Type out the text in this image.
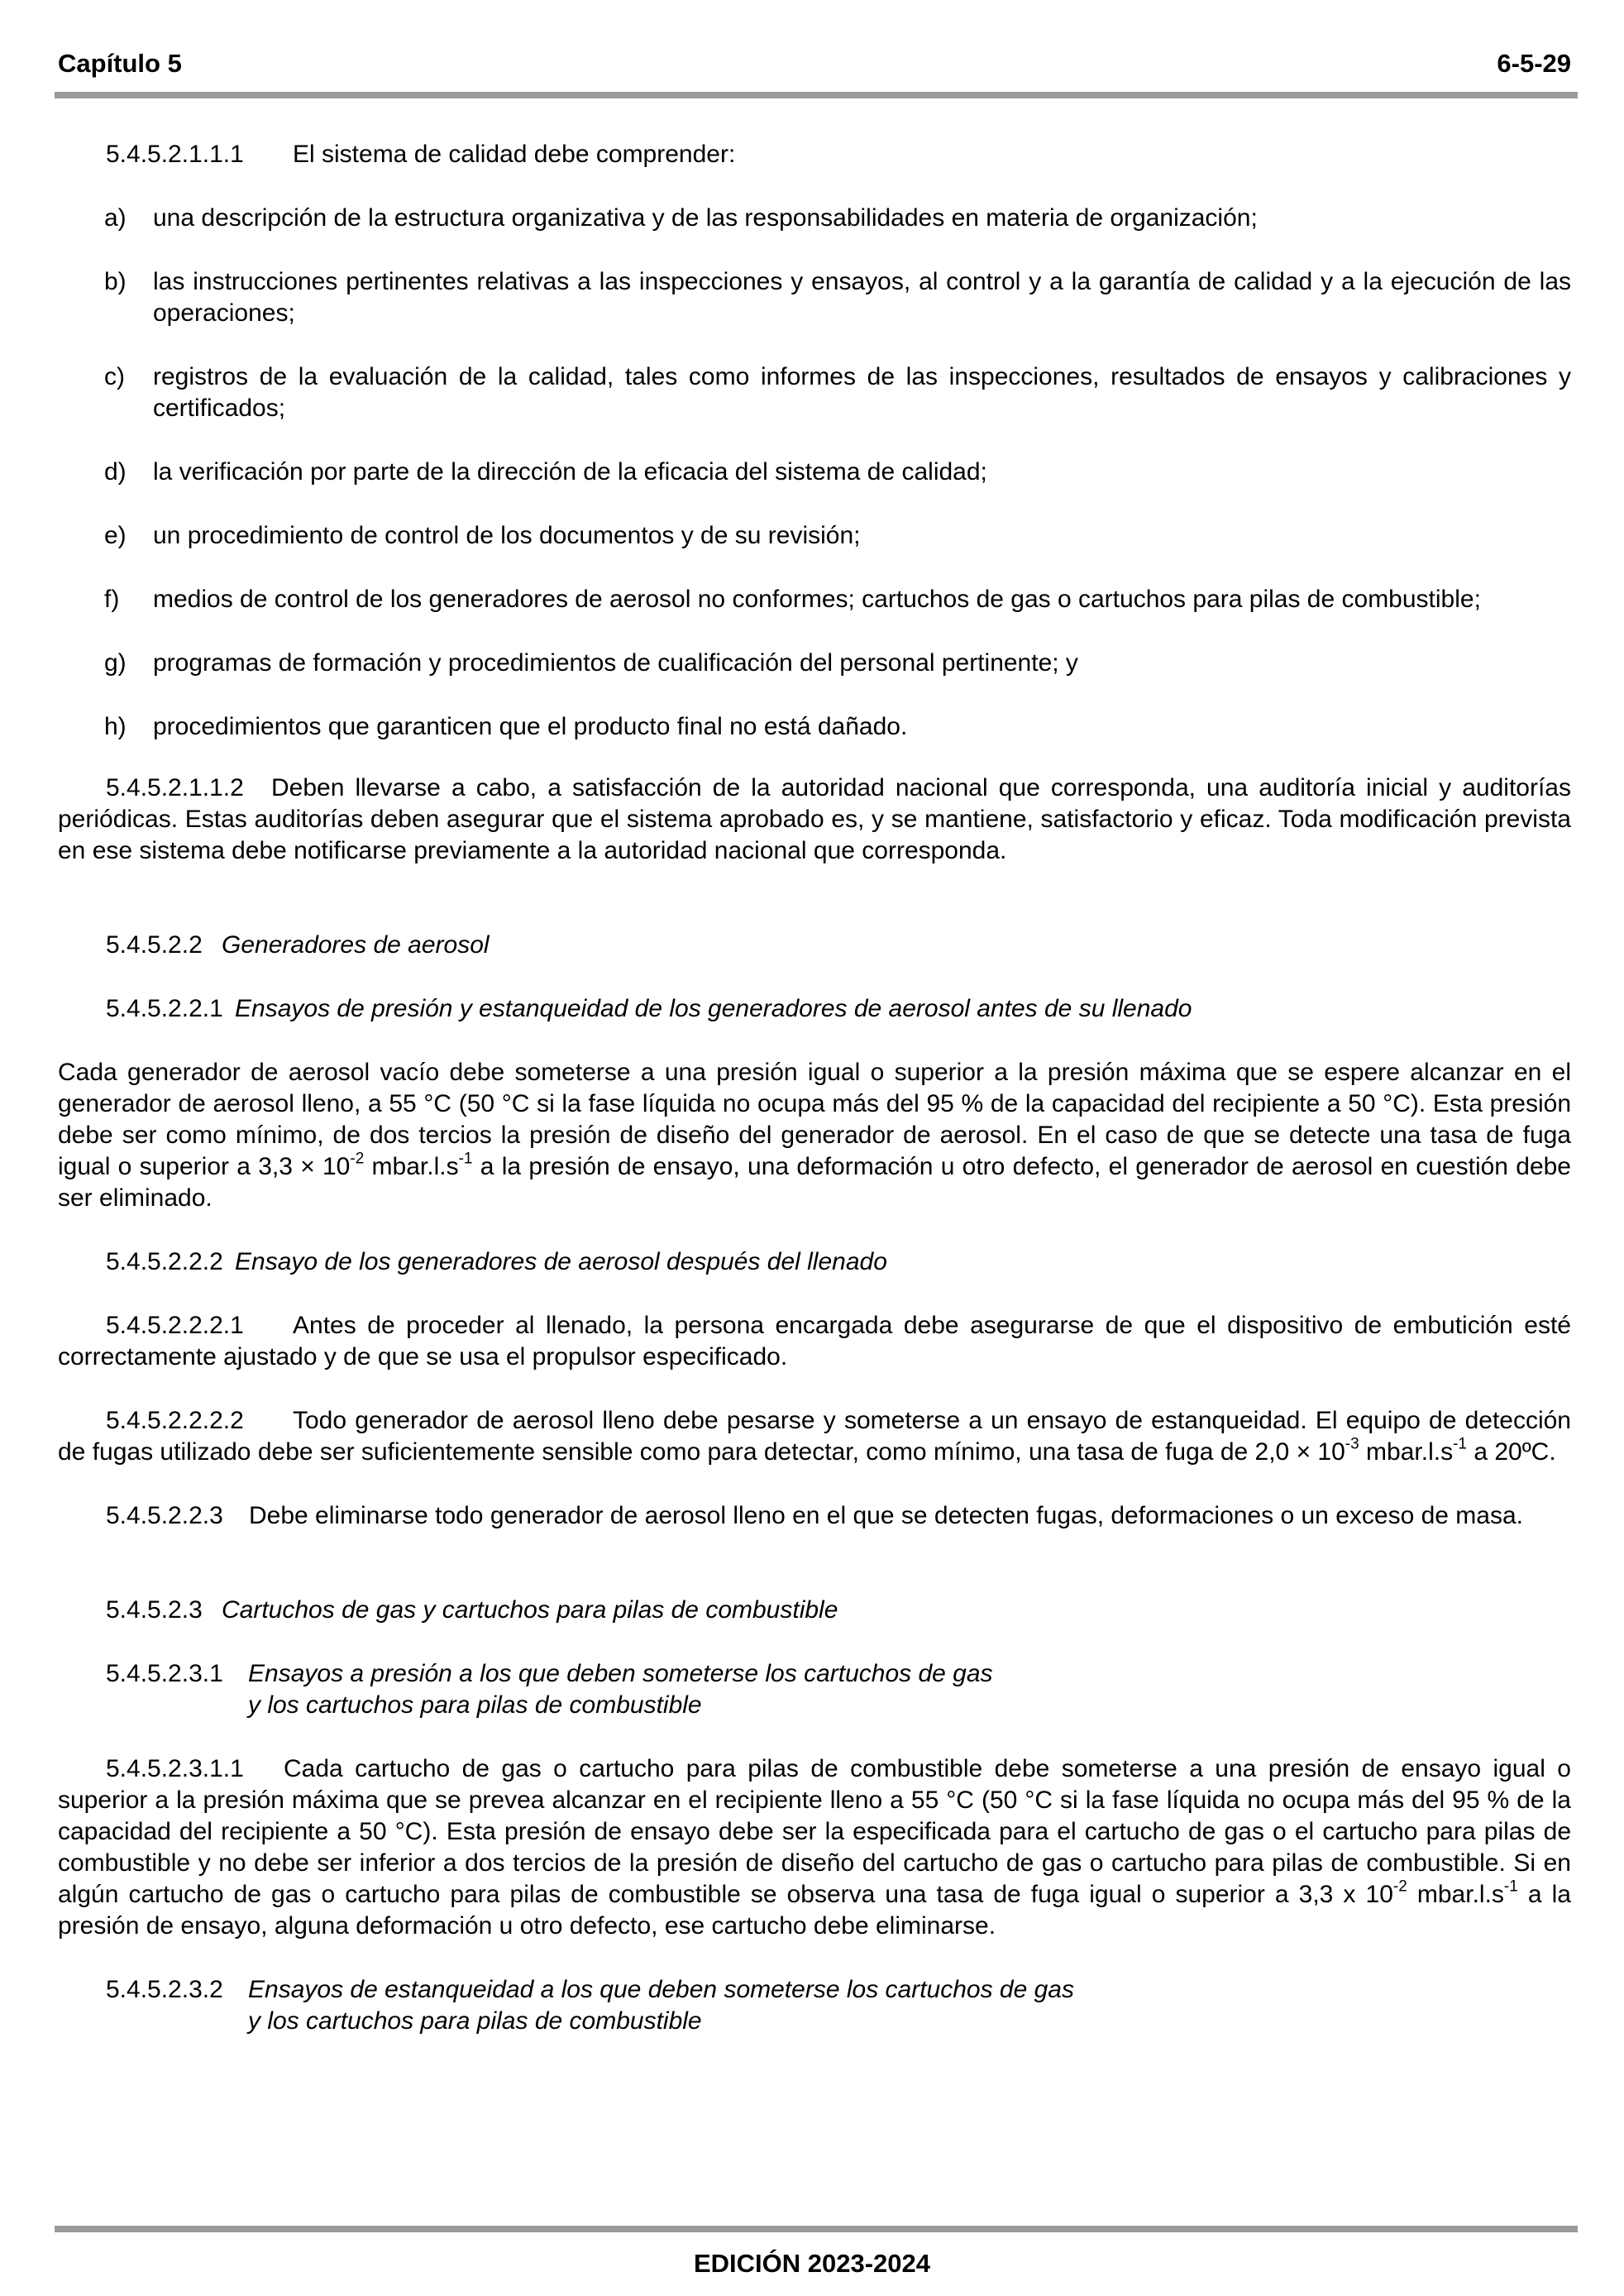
Capítulo 5	6-5-29

5.4.5.2.1.1.1 El sistema de calidad debe comprender:

a) una descripción de la estructura organizativa y de las responsabilidades en materia de organización;

b) las instrucciones pertinentes relativas a las inspecciones y ensayos, al control y a la garantía de calidad y a la ejecución de las operaciones;

c) registros de la evaluación de la calidad, tales como informes de las inspecciones, resultados de ensayos y calibraciones y certificados;

d) la verificación por parte de la dirección de la eficacia del sistema de calidad;

e) un procedimiento de control de los documentos y de su revisión;

f) medios de control de los generadores de aerosol no conformes; cartuchos de gas o cartuchos para pilas de combustible;

g) programas de formación y procedimientos de cualificación del personal pertinente; y

h) procedimientos que garanticen que el producto final no está dañado.

5.4.5.2.1.1.2 Deben llevarse a cabo, a satisfacción de la autoridad nacional que corresponda, una auditoría inicial y auditorías periódicas. Estas auditorías deben asegurar que el sistema aprobado es, y se mantiene, satisfactorio y eficaz. Toda modificación prevista en ese sistema debe notificarse previamente a la autoridad nacional que corresponda.

5.4.5.2.2 Generadores de aerosol

5.4.5.2.2.1 Ensayos de presión y estanqueidad de los generadores de aerosol antes de su llenado

Cada generador de aerosol vacío debe someterse a una presión igual o superior a la presión máxima que se espere alcanzar en el generador de aerosol lleno, a 55 °C (50 °C si la fase líquida no ocupa más del 95 % de la capacidad del recipiente a 50 °C). Esta presión debe ser como mínimo, de dos tercios la presión de diseño del generador de aerosol. En el caso de que se detecte una tasa de fuga igual o superior a $3,3 \times 10^{-2}$ $mbar.l.s^{-1}$ a la presión de ensayo, una deformación u otro defecto, el generador de aerosol en cuestión debe ser eliminado.

5.4.5.2.2.2 Ensayo de los generadores de aerosol después del llenado

5.4.5.2.2.2.1 Antes de proceder al llenado, la persona encargada debe asegurarse de que el dispositivo de embutición esté correctamente ajustado y de que se usa el propulsor especificado.

5.4.5.2.2.2.2 Todo generador de aerosol lleno debe pesarse y someterse a un ensayo de estanqueidad. El equipo de detección de fugas utilizado debe ser suficientemente sensible como para detectar, como mínimo, una tasa de fuga de $2,0 \times 10^{-3}$ $mbar.l.s^{-1}$ a 20ºC.

5.4.5.2.2.3 Debe eliminarse todo generador de aerosol lleno en el que se detecten fugas, deformaciones o un exceso de masa.

5.4.5.2.3 Cartuchos de gas y cartuchos para pilas de combustible

5.4.5.2.3.1 Ensayos a presión a los que deben someterse los cartuchos de gas
y los cartuchos para pilas de combustible

5.4.5.2.3.1.1 Cada cartucho de gas o cartucho para pilas de combustible debe someterse a una presión de ensayo igual o superior a la presión máxima que se prevea alcanzar en el recipiente lleno a 55 °C (50 °C si la fase líquida no ocupa más del 95 % de la capacidad del recipiente a 50 °C). Esta presión de ensayo debe ser la especificada para el cartucho de gas o el cartucho para pilas de combustible y no debe ser inferior a dos tercios de la presión de diseño del cartucho de gas o cartucho para pilas de combustible. Si en algún cartucho de gas o cartucho para pilas de combustible se observa una tasa de fuga igual o superior a 3,3 x $10^{-2}$ $mbar.l.s^{-1}$ a la presión de ensayo, alguna deformación u otro defecto, ese cartucho debe eliminarse.

5.4.5.2.3.2 Ensayos de estanqueidad a los que deben someterse los cartuchos de gas
y los cartuchos para pilas de combustible

EDICIÓN 2023-2024
